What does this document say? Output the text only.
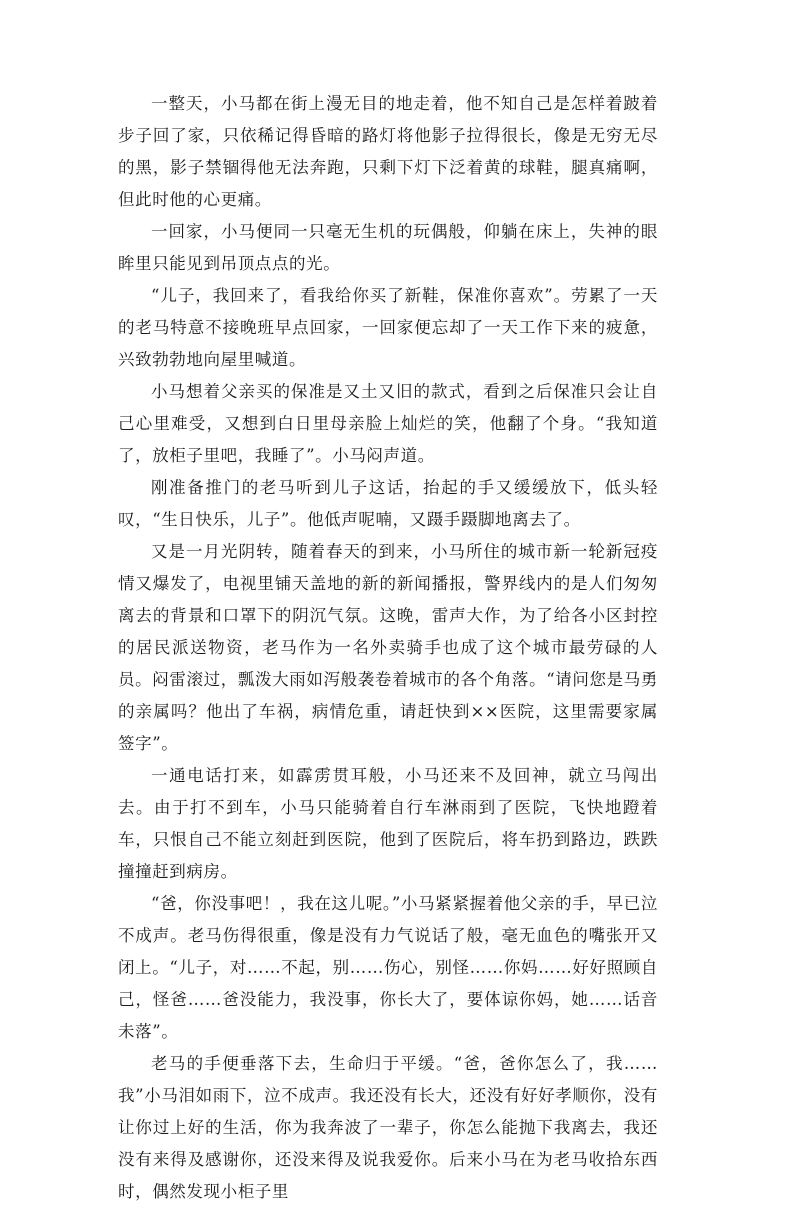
一整天，小马都在街上漫无目的地走着，他不知自己是怎样着跛着步子回了家，只依稀记得昏暗的路灯将他影子拉得很长，像是无穷无尽的黑，影子禁锢得他无法奔跑，只剩下灯下泛着黄的球鞋，腿真痛啊，但此时他的心更痛。

一回家，小马便同一只毫无生机的玩偶般，仰躺在床上，失神的眼眸里只能见到吊顶点点的光。

“儿子，我回来了，看我给你买了新鞋，保准你喜欢”。劳累了一天的老马特意不接晚班早点回家，一回家便忘却了一天工作下来的疲惫，兴致勃勃地向屋里喊道。

小马想着父亲买的保准是又土又旧的款式，看到之后保准只会让自己心里难受，又想到白日里母亲脸上灿烂的笑，他翻了个身。“我知道了，放柜子里吧，我睡了”。小马闷声道。

刚准备推门的老马听到儿子这话，抬起的手又缓缓放下，低头轻叹，“生日快乐，儿子”。他低声呢喃，又蹑手蹑脚地离去了。

又是一月光阴转，随着春天的到来，小马所住的城市新一轮新冠疫情又爆发了，电视里铺天盖地的新的新闻播报，警界线内的是人们匆匆离去的背景和口罩下的阴沉气氛。这晚，雷声大作，为了给各小区封控的居民派送物资，老马作为一名外卖骑手也成了这个城市最劳碌的人员。闷雷滚过，瓢泼大雨如泻般袭卷着城市的各个角落。“请问您是马勇的亲属吗？他出了车祸，病情危重，请赶快到××医院，这里需要家属签字”。

一通电话打来，如霹雳贯耳般，小马还来不及回神，就立马闯出去。由于打不到车，小马只能骑着自行车淋雨到了医院，飞快地蹬着车，只恨自己不能立刻赶到医院，他到了医院后，将车扔到路边，跌跌撞撞赶到病房。

“爸，你没事吧！，我在这儿呢。”小马紧紧握着他父亲的手，早已泣不成声。老马伤得很重，像是没有力气说话了般，毫无血色的嘴张开又闭上。“儿子，对……不起，别……伤心，别怪……你妈……好好照顾自己，怪爸……爸没能力，我没事，你长大了，要体谅你妈，她……话音未落”。

老马的手便垂落下去，生命归于平缓。“爸，爸你怎么了，我……我”小马泪如雨下，泣不成声。我还没有长大，还没有好好孝顺你，没有让你过上好的生活，你为我奔波了一辈子，你怎么能抛下我离去，我还没有来得及感谢你，还没来得及说我爱你。后来小马在为老马收拾东西时，偶然发现小柜子里
